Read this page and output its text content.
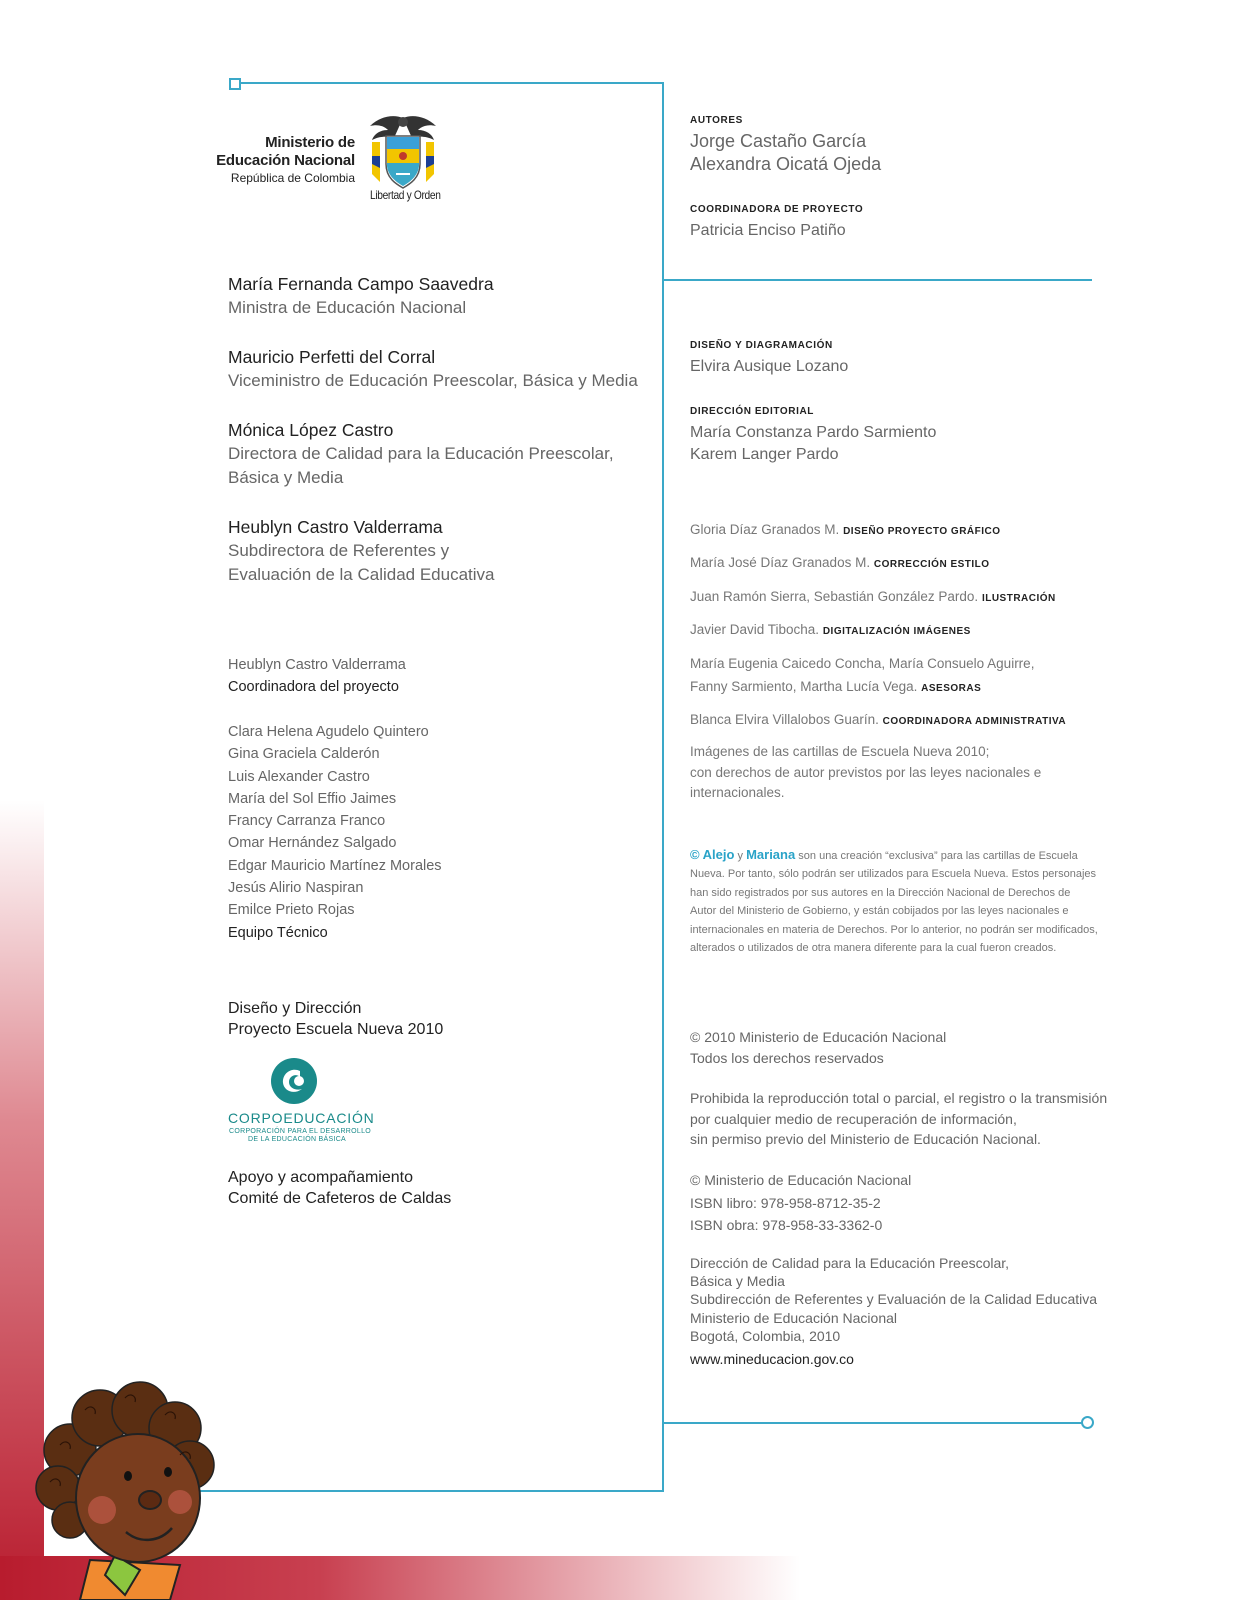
Ministerio de
Educación Nacional
República de Colombia
Libertad y Orden
María Fernanda Campo Saavedra
Ministra de Educación Nacional
Mauricio Perfetti del Corral
Viceministro de Educación Preescolar, Básica y Media
Mónica López Castro
Directora de Calidad para la Educación Preescolar,
Básica y Media
Heublyn Castro Valderrama
Subdirectora de Referentes y
Evaluación de la Calidad Educativa
Heublyn Castro Valderrama
Coordinadora del proyecto
Clara Helena Agudelo Quintero
Gina Graciela Calderón
Luis Alexander Castro
María del Sol Effio Jaimes
Francy Carranza Franco
Omar Hernández Salgado
Edgar Mauricio Martínez Morales
Jesús Alirio Naspiran
Emilce Prieto Rojas
Equipo Técnico
Diseño y Dirección
Proyecto Escuela Nueva 2010
CORPOEDUCACIÓN
CORPORACIÓN PARA EL DESARROLLO
DE LA EDUCACIÓN BÁSICA
Apoyo y acompañamiento
Comité de Cafeteros de Caldas
AUTORES
Jorge Castaño García
Alexandra Oicatá Ojeda
COORDINADORA DE PROYECTO
Patricia Enciso Patiño
DISEÑO Y DIAGRAMACIÓN
Elvira Ausique Lozano
DIRECCIÓN EDITORIAL
María Constanza Pardo Sarmiento
Karem Langer Pardo
Gloria Díaz Granados M. DISEÑO PROYECTO GRÁFICO
María José Díaz Granados M. CORRECCIÓN ESTILO
Juan Ramón Sierra, Sebastián González Pardo. ILUSTRACIÓN
Javier David Tibocha. DIGITALIZACIÓN IMÁGENES
María Eugenia Caicedo Concha, María Consuelo Aguirre,
Fanny Sarmiento, Martha Lucía Vega. ASESORAS
Blanca Elvira Villalobos Guarín. COORDINADORA ADMINISTRATIVA
Imágenes de las cartillas de Escuela Nueva 2010;
con derechos de autor previstos por las leyes nacionales e
internacionales.
© Alejo y Mariana son una creación “exclusiva” para las cartillas de Escuela Nueva. Por tanto, sólo podrán ser utilizados para Escuela Nueva. Estos personajes han sido registrados por sus autores en la Dirección Nacional de Derechos de Autor del Ministerio de Gobierno, y están cobijados por las leyes nacionales e internacionales en materia de Derechos. Por lo anterior, no podrán ser modificados, alterados o utilizados de otra manera diferente para la cual fueron creados.
© 2010 Ministerio de Educación Nacional
Todos los derechos reservados
Prohibida la reproducción total o parcial, el registro o la transmisión
por cualquier medio de recuperación de información,
sin permiso previo del Ministerio de Educación Nacional.
© Ministerio de Educación Nacional
ISBN libro: 978-958-8712-35-2
ISBN obra: 978-958-33-3362-0
Dirección de Calidad para la Educación Preescolar,
Básica y Media
Subdirección de Referentes y Evaluación de la Calidad Educativa
Ministerio de Educación Nacional
Bogotá, Colombia, 2010
www.mineducacion.gov.co
